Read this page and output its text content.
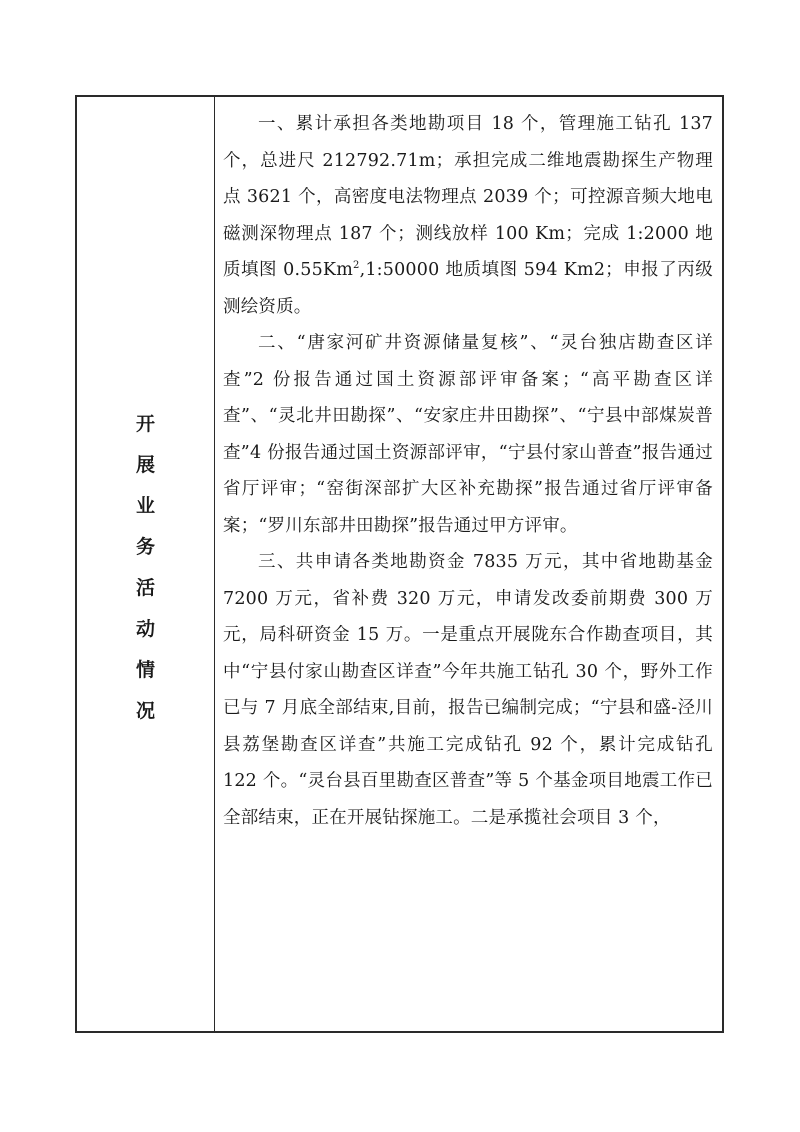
开
展
业
务
活
动
情
况

一、累计承担各类地勘项目 18 个，管理施工钻孔 137 个，总进尺 212792.71m；承担完成二维地震勘探生产物理点 3621 个，高密度电法物理点 2039 个；可控源音频大地电磁测深物理点 187 个；测线放样 100 Km；完成 1:2000 地质填图 0.55Km$^2$,1:50000 地质填图 594 Km2；申报了丙级测绘资质。

二、“唐家河矿井资源储量复核”、“灵台独店勘查区详查”2 份报告通过国土资源部评审备案；“高平勘查区详查”、“灵北井田勘探”、“安家庄井田勘探”、“宁县中部煤炭普查”4 份报告通过国土资源部评审，“宁县付家山普查”报告通过省厅评审；“窑街深部扩大区补充勘探”报告通过省厅评审备案；“罗川东部井田勘探”报告通过甲方评审。

三、共申请各类地勘资金 7835 万元，其中省地勘基金 7200 万元，省补费 320 万元，申请发改委前期费 300 万元，局科研资金 15 万。一是重点开展陇东合作勘查项目，其中“宁县付家山勘查区详查”今年共施工钻孔 30 个，野外工作已与 7 月底全部结束,目前，报告已编制完成；“宁县和盛-泾川县荔堡勘查区详查”共施工完成钻孔 92 个，累计完成钻孔 122 个。“灵台县百里勘查区普查”等 5 个基金项目地震工作已全部结束，正在开展钻探施工。二是承揽社会项目 3 个，
